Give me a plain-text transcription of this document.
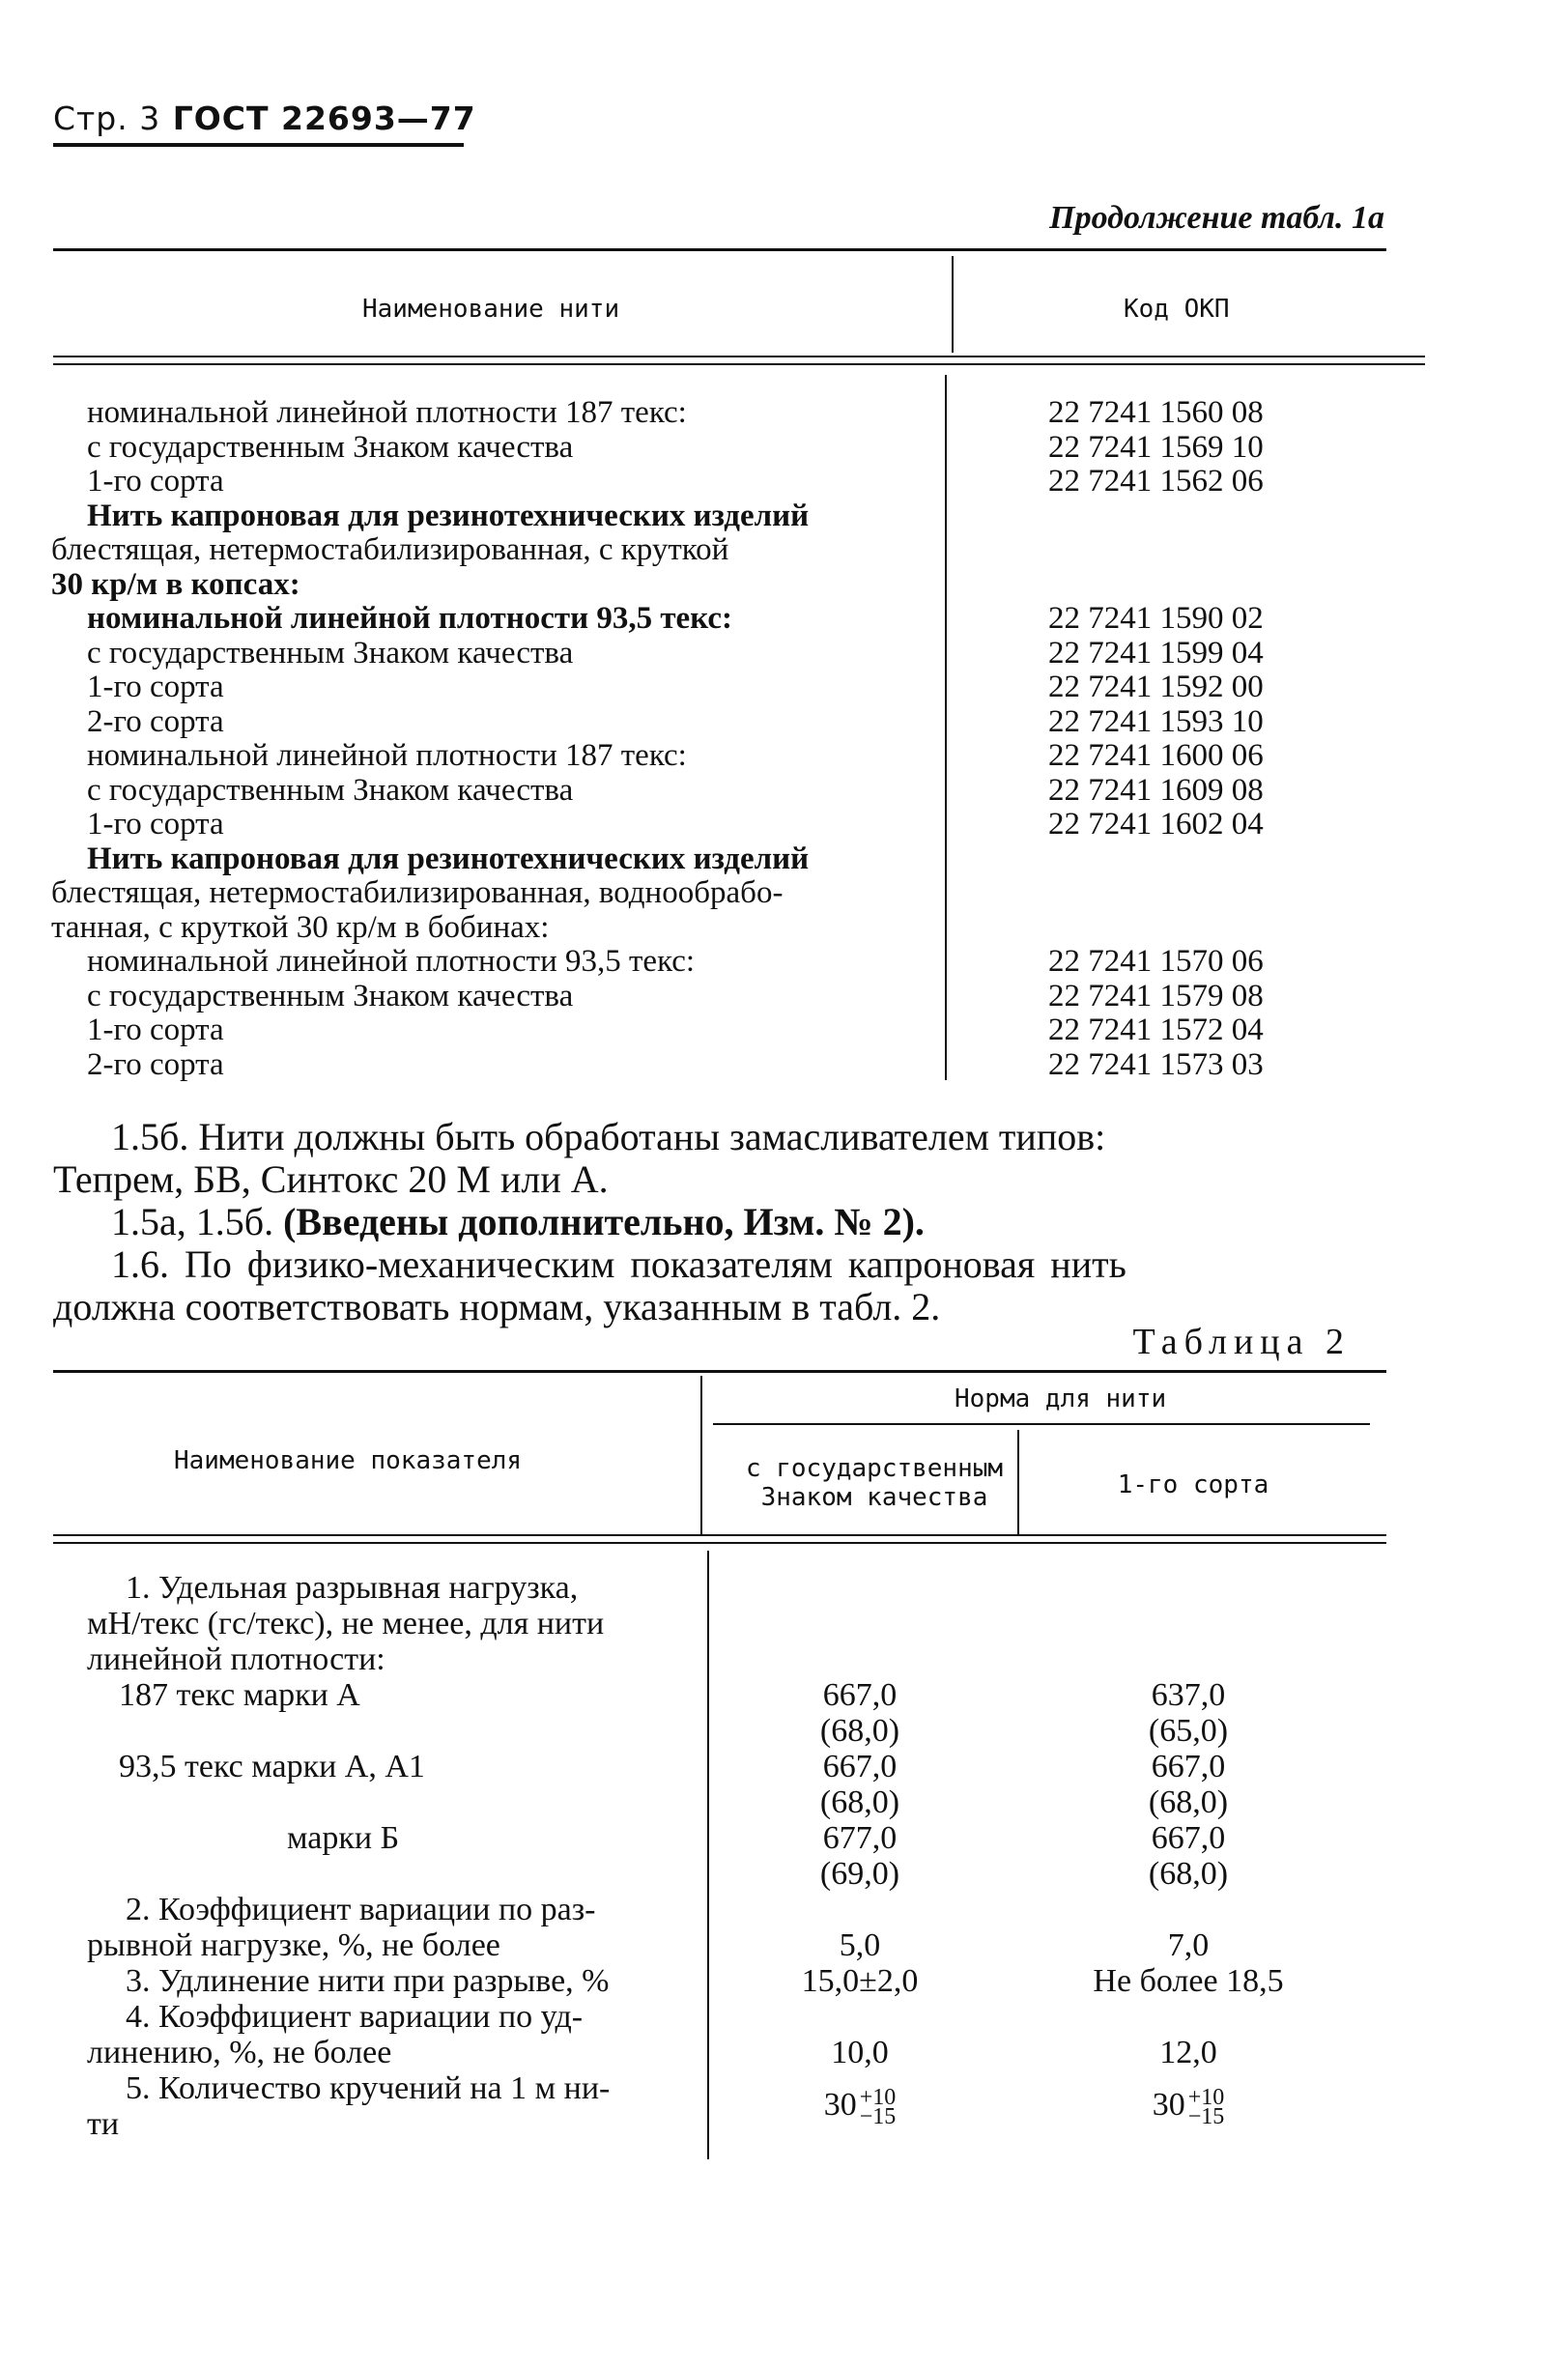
Стр. 3 ГОСТ 22693—77
Продолжение табл. 1а
Наименование нити	Код ОКП
номинальной линейной плотности 187 текс:
с государственным Знаком качества
1-го сорта
Нить капроновая для резинотехнических изделий
блестящая, нетермостабилизированная, с круткой
30 кр/м в копсах:
номинальной линейной плотности 93,5 текс:
с государственным Знаком качества
1-го сорта
2-го сорта
номинальной линейной плотности 187 текс:
с государственным Знаком качества
1-го сорта
Нить капроновая для резинотехнических изделий
блестящая, нетермостабилизированная, воднообрабо-
танная, с круткой 30 кр/м в бобинах:
номинальной линейной плотности 93,5 текс:
с государственным Знаком качества
1-го сорта
2-го сорта
22 7241 1560 08
22 7241 1569 10
22 7241 1562 06
22 7241 1590 02
22 7241 1599 04
22 7241 1592 00
22 7241 1593 10
22 7241 1600 06
22 7241 1609 08
22 7241 1602 04
22 7241 1570 06
22 7241 1579 08
22 7241 1572 04
22 7241 1573 03
1.5б. Нити должны быть обработаны замасливателем типов:
Тепрем, БВ, Синтокс 20 М или А.
1.5а, 1.5б. (Введены дополнительно, Изм. № 2).
1.6. По физико-механическим показателям капроновая нить
должна соответствовать нормам, указанным в табл. 2.
Таблица 2
Наименование показателя
Норма для нити
с государственным
Знаком качества	1-го сорта
1. Удельная разрывная нагрузка,
мН/текс (гс/текс), не менее, для нити
линейной плотности:
187 текс марки А
93,5 текс марки А, А1
марки Б
2. Коэффициент вариации по раз-
рывной нагрузке, %, не более
3. Удлинение нити при разрыве, %
4. Коэффициент вариации по уд-
линению, %, не более
5. Количество кручений на 1 м ни-
ти
667,0
(68,0)
667,0
(68,0)
677,0
(69,0)
5,0
15,0±2,0
10,0
30 +10
−15
637,0
(65,0)
667,0
(68,0)
667,0
(68,0)
7,0
Не более 18,5
12,0
30 +10
−15
